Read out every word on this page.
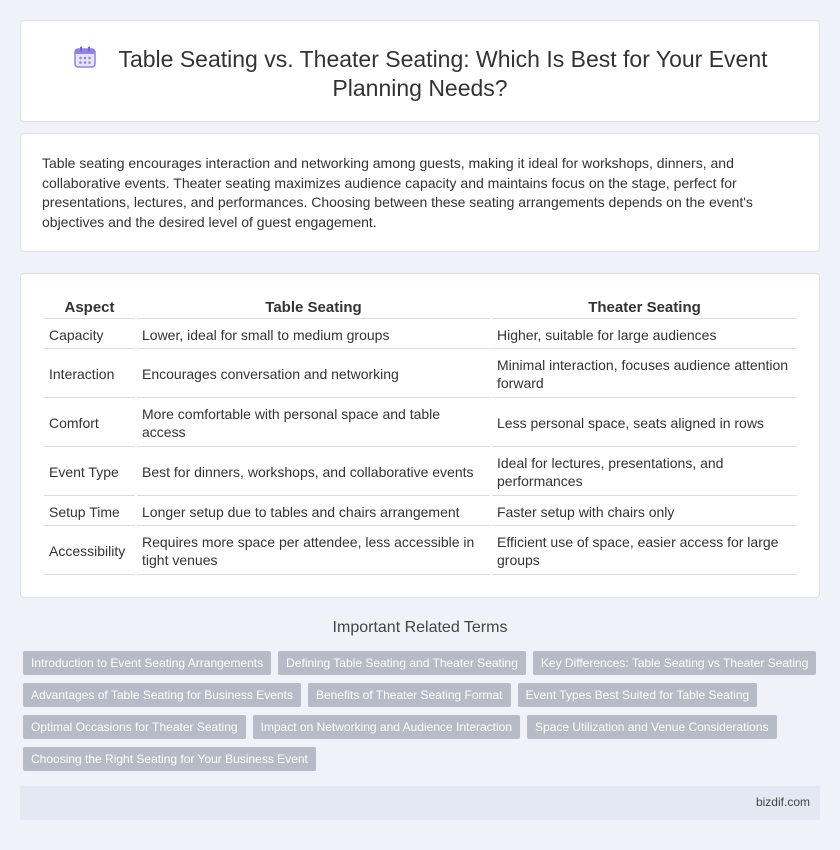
Table Seating vs. Theater Seating: Which Is Best for Your Event Planning Needs?

Table seating encourages interaction and networking among guests, making it ideal for workshops, dinners, and collaborative events. Theater seating maximizes audience capacity and maintains focus on the stage, perfect for presentations, lectures, and performances. Choosing between these seating arrangements depends on the event's objectives and the desired level of guest engagement.

Aspect	Table Seating	Theater Seating
Capacity	Lower, ideal for small to medium groups	Higher, suitable for large audiences
Interaction	Encourages conversation and networking	Minimal interaction, focuses audience attention forward
Comfort	More comfortable with personal space and table access	Less personal space, seats aligned in rows
Event Type	Best for dinners, workshops, and collaborative events	Ideal for lectures, presentations, and performances
Setup Time	Longer setup due to tables and chairs arrangement	Faster setup with chairs only
Accessibility	Requires more space per attendee, less accessible in tight venues	Efficient use of space, easier access for large groups
Important Related Terms
Introduction to Event Seating Arrangements	Defining Table Seating and Theater Seating	Key Differences: Table Seating vs Theater Seating
Advantages of Table Seating for Business Events	Benefits of Theater Seating Format	Event Types Best Suited for Table Seating
Optimal Occasions for Theater Seating	Impact on Networking and Audience Interaction	Space Utilization and Venue Considerations
Choosing the Right Seating for Your Business Event
bizdif.com
